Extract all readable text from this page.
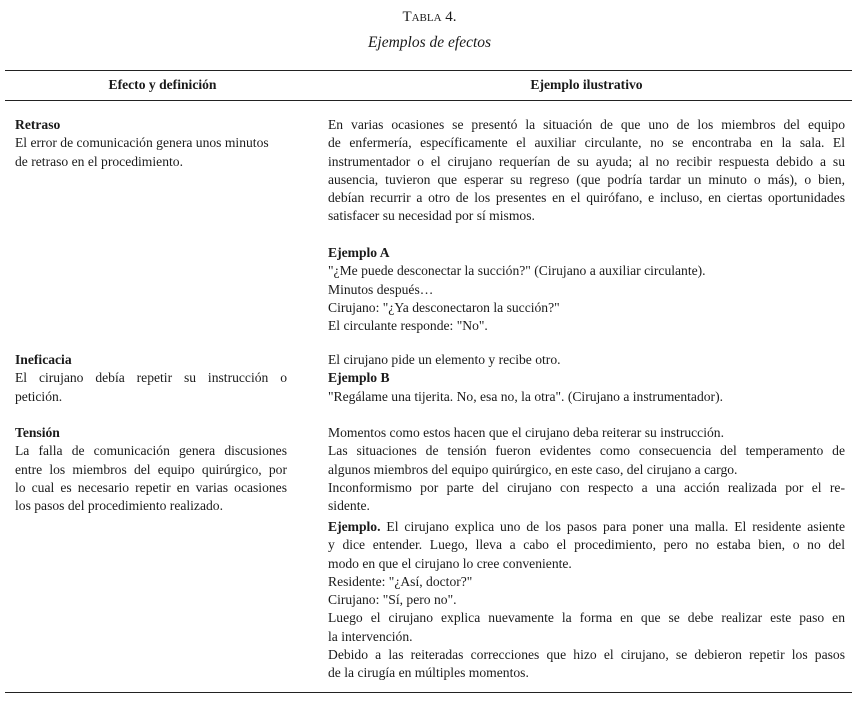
Tabla 4.
Ejemplos de efectos
Efecto y definición	Ejemplo ilustrativo
Retraso
El error de comunicación genera unos minutos
de retraso en el procedimiento.
En varias ocasiones se presentó la situación de que uno de los miembros del equipo
de enfermería, específicamente el auxiliar circulante, no se encontraba en la sala. El
instrumentador o el cirujano requerían de su ayuda; al no recibir respuesta debido a su
ausencia, tuvieron que esperar su regreso (que podría tardar un minuto o más), o bien,
debían recurrir a otro de los presentes en el quirófano, e incluso, en ciertas oportunidades
satisfacer su necesidad por sí mismos.
Ejemplo A
"¿Me puede desconectar la succión?" (Cirujano a auxiliar circulante).
Minutos después…
Cirujano: "¿Ya desconectaron la succión?"
El circulante responde: "No".
Ineficacia
El cirujano debía repetir su instrucción o
petición.
El cirujano pide un elemento y recibe otro.
Ejemplo B
"Regálame una tijerita. No, esa no, la otra". (Cirujano a instrumentador).
Tensión
La falla de comunicación genera discusiones
entre los miembros del equipo quirúrgico, por
lo cual es necesario repetir en varias ocasiones
los pasos del procedimiento realizado.
Momentos como estos hacen que el cirujano deba reiterar su instrucción.
Las situaciones de tensión fueron evidentes como consecuencia del temperamento de
algunos miembros del equipo quirúrgico, en este caso, del cirujano a cargo.
Inconformismo por parte del cirujano con respecto a una acción realizada por el re-
sidente.
Ejemplo. El cirujano explica uno de los pasos para poner una malla. El residente asiente
y dice entender. Luego, lleva a cabo el procedimiento, pero no estaba bien, o no del
modo en que el cirujano lo cree conveniente.
Residente: "¿Así, doctor?"
Cirujano: "Sí, pero no".
Luego el cirujano explica nuevamente la forma en que se debe realizar este paso en
la intervención.
Debido a las reiteradas correcciones que hizo el cirujano, se debieron repetir los pasos
de la cirugía en múltiples momentos.
